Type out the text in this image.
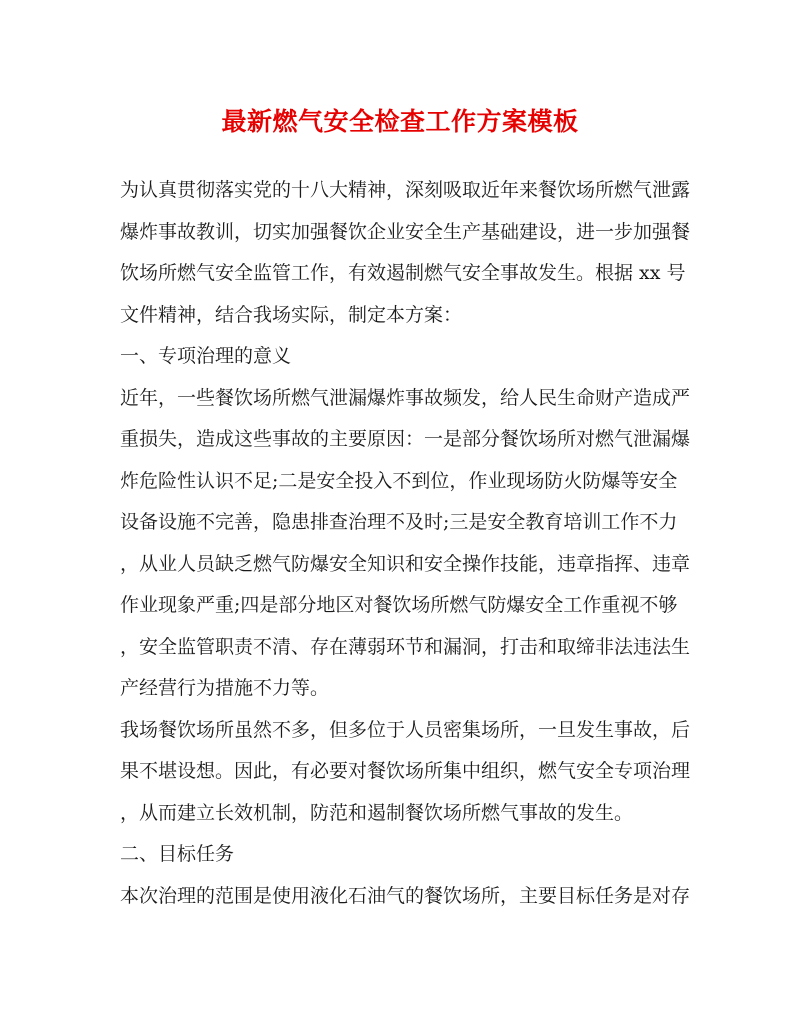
最新燃气安全检查工作方案模板
为认真贯彻落实党的十八大精神，深刻吸取近年来餐饮场所燃气泄露
爆炸事故教训，切实加强餐饮企业安全生产基础建设，进一步加强餐
饮场所燃气安全监管工作，有效遏制燃气安全事故发生。根据 xx 号
文件精神，结合我场实际，制定本方案：
一、专项治理的意义
近年，一些餐饮场所燃气泄漏爆炸事故频发，给人民生命财产造成严
重损失，造成这些事故的主要原因：一是部分餐饮场所对燃气泄漏爆
炸危险性认识不足;二是安全投入不到位，作业现场防火防爆等安全
设备设施不完善，隐患排查治理不及时;三是安全教育培训工作不力
，从业人员缺乏燃气防爆安全知识和安全操作技能，违章指挥、违章
作业现象严重;四是部分地区对餐饮场所燃气防爆安全工作重视不够
，安全监管职责不清、存在薄弱环节和漏洞，打击和取缔非法违法生
产经营行为措施不力等。
我场餐饮场所虽然不多，但多位于人员密集场所，一旦发生事故，后
果不堪设想。因此，有必要对餐饮场所集中组织，燃气安全专项治理
，从而建立长效机制，防范和遏制餐饮场所燃气事故的发生。
二、目标任务
本次治理的范围是使用液化石油气的餐饮场所，主要目标任务是对存
